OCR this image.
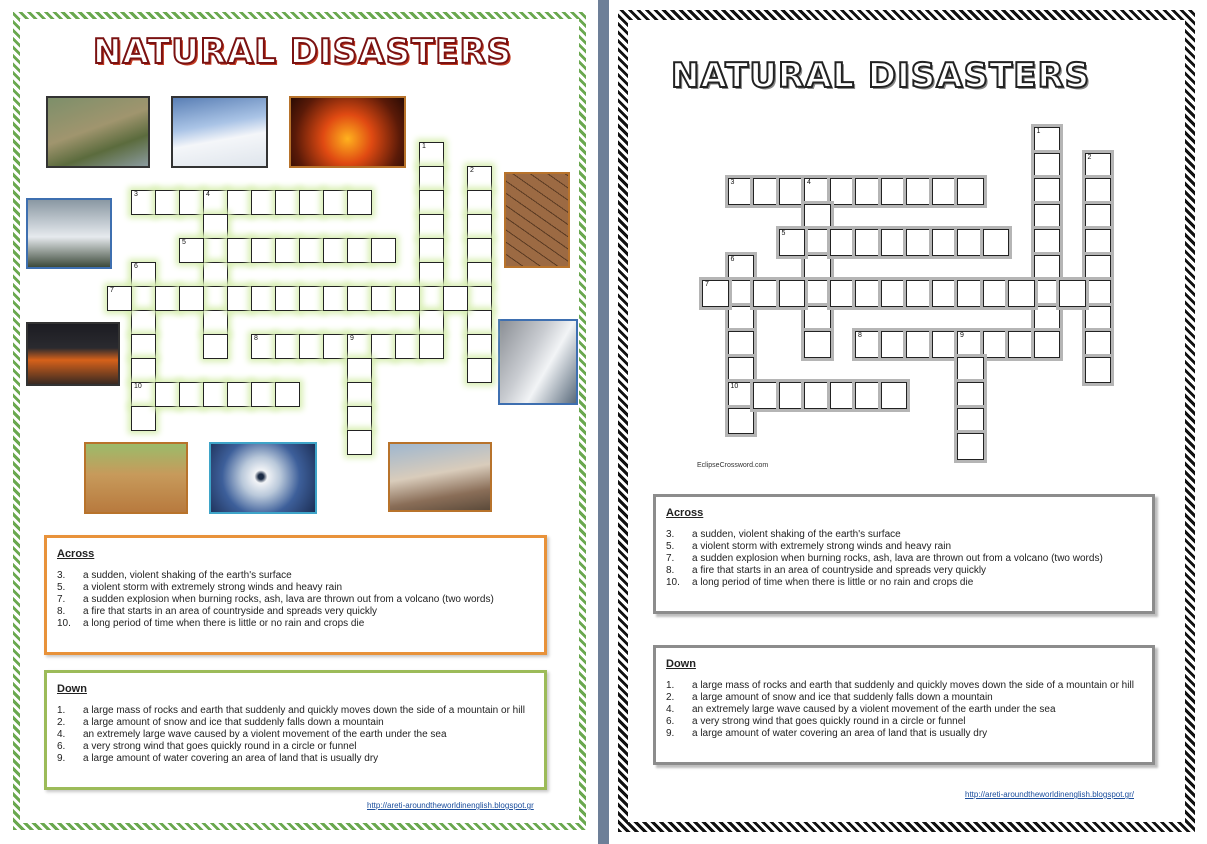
NATURAL DISASTERS
1
2
3	4
5
6
10
7
8	9
Across
3.	a sudden, violent shaking of the earth's surface
5.	a violent storm with extremely strong winds and heavy rain
7.	a sudden explosion when burning rocks, ash, lava are thrown out from a volcano (two words)
8.	a fire that starts in an area of countryside and spreads very quickly
10.	a long period of time when there is little or no rain and crops die
Down
1.	a large mass of rocks and earth that suddenly and quickly moves down the side of a mountain or hill
2.	a large amount of snow and ice that suddenly falls down a mountain
4.	an extremely large wave caused by a violent movement of the earth under the sea
6.	a very strong wind that goes quickly round in a circle or funnel
9.	a large amount of water covering an area of land that is usually dry
http://areti-aroundtheworldinenglish.blogspot.gr
NATURAL DISASTERS
1
2
3	4
5
6
10
7
8	9
EclipseCrossword.com
Across
3.	a sudden, violent shaking of the earth's surface
5.	a violent storm with extremely strong winds and heavy rain
7.	a sudden explosion when burning rocks, ash, lava are thrown out from a volcano (two words)
8.	a fire that starts in an area of countryside and spreads very quickly
10.	a long period of time when there is little or no rain and crops die
Down
1.	a large mass of rocks and earth that suddenly and quickly moves down the side of a mountain or hill
2.	a large amount of snow and ice that suddenly falls down a mountain
4.	an extremely large wave caused by a violent movement of the earth under the sea
6.	a very strong wind that goes quickly round in a circle or funnel
9.	a large amount of water covering an area of land that is usually dry
http://areti-aroundtheworldinenglish.blogspot.gr/
